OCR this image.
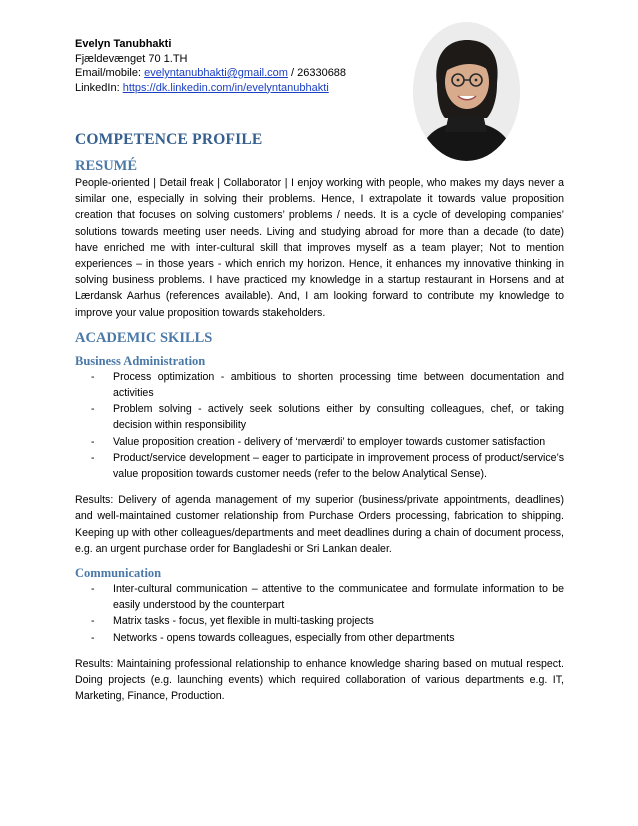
Evelyn Tanubhakti
Fjældevænget 70 1.TH
Email/mobile: evelyntanubhakti@gmail.com / 26330688
LinkedIn: https://dk.linkedin.com/in/evelyntanubhakti
COMPETENCE PROFILE
RESUMÉ

People-oriented | Detail freak | Collaborator | I enjoy working with people, who makes my days never a similar one, especially in solving their problems. Hence, I extrapolate it towards value proposition creation that focuses on solving customers’ problems / needs. It is a cycle of developing companies’ solutions towards meeting user needs. Living and studying abroad for more than a decade (to date) have enriched me with inter-cultural skill that improves myself as a team player; Not to mention experiences – in those years - which enrich my horizon. Hence, it enhances my innovative thinking in solving business problems. I have practiced my knowledge in a startup restaurant in Horsens and at Lærdansk Aarhus (references available). And, I am looking forward to contribute my knowledge to improve your value proposition towards stakeholders.

ACADEMIC SKILLS
Business Administration
- Process optimization - ambitious to shorten processing time between documentation and activities
- Problem solving - actively seek solutions either by consulting colleagues, chef, or taking decision within responsibility
- Value proposition creation - delivery of ‘merværdi’ to employer towards customer satisfaction
- Product/service development – eager to participate in improvement process of product/service’s value proposition towards customer needs (refer to the below Analytical Sense).

Results: Delivery of agenda management of my superior (business/private appointments, deadlines) and well-maintained customer relationship from Purchase Orders processing, fabrication to shipping. Keeping up with other colleagues/departments and meet deadlines during a chain of document process, e.g. an urgent purchase order for Bangladeshi or Sri Lankan dealer.

Communication
- Inter-cultural communication – attentive to the communicatee and formulate information to be easily understood by the counterpart
- Matrix tasks - focus, yet flexible in multi-tasking projects
- Networks - opens towards colleagues, especially from other departments

Results: Maintaining professional relationship to enhance knowledge sharing based on mutual respect. Doing projects (e.g. launching events) which required collaboration of various departments e.g. IT, Marketing, Finance, Production.
